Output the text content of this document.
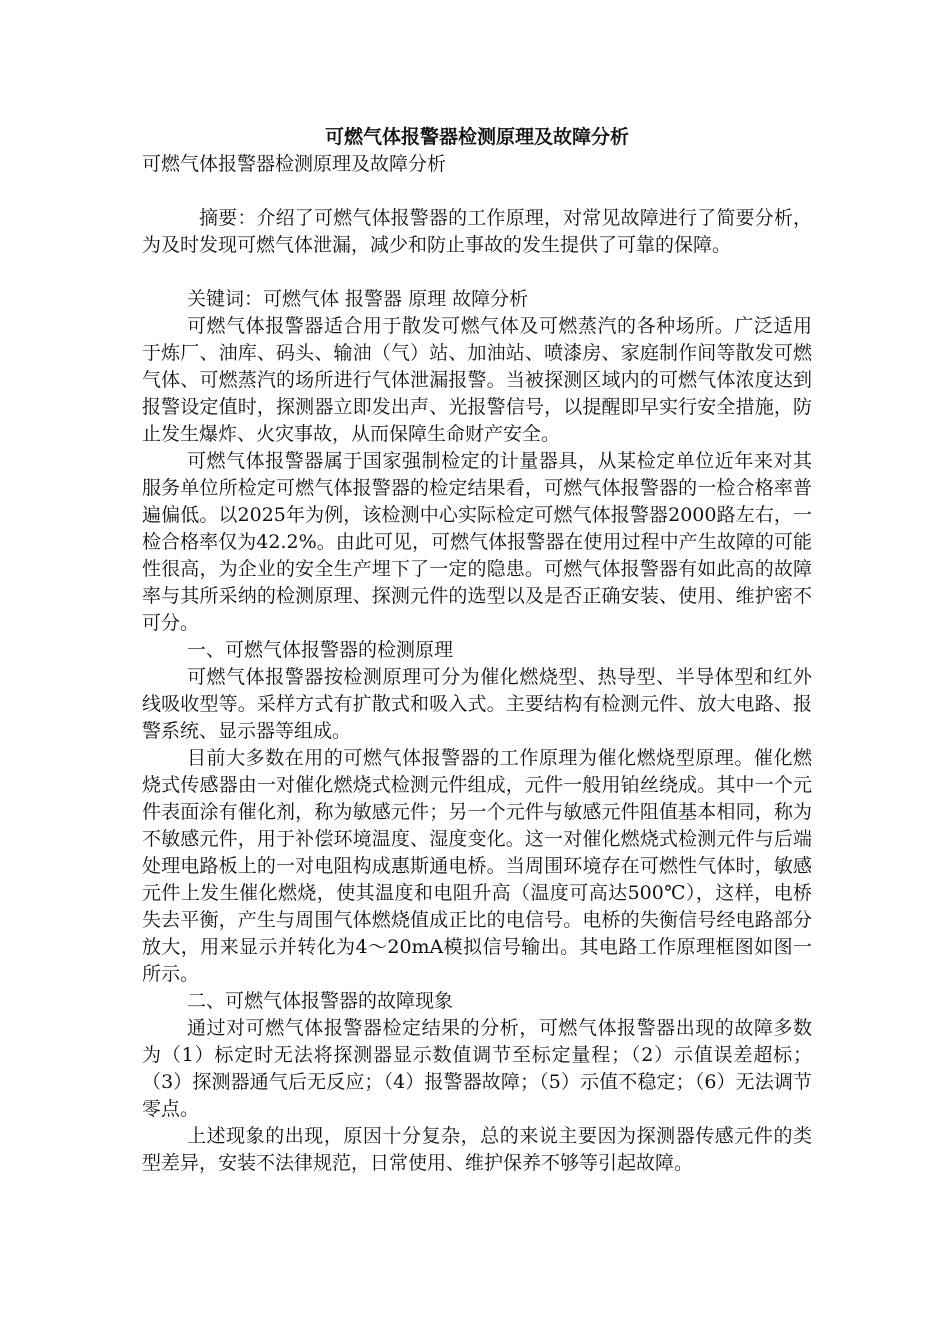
可燃气体报警器检测原理及故障分析

可燃气体报警器检测原理及故障分析

摘要：介绍了可燃气体报警器的工作原理，对常见故障进行了简要分析，为及时发现可燃气体泄漏，减少和防止事故的发生提供了可靠的保障。

关键词：可燃气体 报警器 原理 故障分析

可燃气体报警器适合用于散发可燃气体及可燃蒸汽的各种场所。广泛适用于炼厂、油库、码头、输油（气）站、加油站、喷漆房、家庭制作间等散发可燃气体、可燃蒸汽的场所进行气体泄漏报警。当被探测区域内的可燃气体浓度达到报警设定值时，探测器立即发出声、光报警信号，以提醒即早实行安全措施，防止发生爆炸、火灾事故，从而保障生命财产安全。

可燃气体报警器属于国家强制检定的计量器具，从某检定单位近年来对其服务单位所检定可燃气体报警器的检定结果看，可燃气体报警器的一检合格率普遍偏低。以2025年为例，该检测中心实际检定可燃气体报警器2000路左右，一检合格率仅为42.2%。由此可见，可燃气体报警器在使用过程中产生故障的可能性很高，为企业的安全生产埋下了一定的隐患。可燃气体报警器有如此高的故障率与其所采纳的检测原理、探测元件的选型以及是否正确安装、使用、维护密不可分。

一、可燃气体报警器的检测原理

可燃气体报警器按检测原理可分为催化燃烧型、热导型、半导体型和红外线吸收型等。采样方式有扩散式和吸入式。主要结构有检测元件、放大电路、报警系统、显示器等组成。

目前大多数在用的可燃气体报警器的工作原理为催化燃烧型原理。催化燃烧式传感器由一对催化燃烧式检测元件组成，元件一般用铂丝绕成。其中一个元件表面涂有催化剂，称为敏感元件；另一个元件与敏感元件阻值基本相同，称为不敏感元件，用于补偿环境温度、湿度变化。这一对催化燃烧式检测元件与后端处理电路板上的一对电阻构成惠斯通电桥。当周围环境存在可燃性气体时，敏感元件上发生催化燃烧，使其温度和电阻升高（温度可高达500℃），这样，电桥失去平衡，产生与周围气体燃烧值成正比的电信号。电桥的失衡信号经电路部分放大，用来显示并转化为4～20mA模拟信号输出。其电路工作原理框图如图一所示。

二、可燃气体报警器的故障现象

通过对可燃气体报警器检定结果的分析，可燃气体报警器出现的故障多数为（1）标定时无法将探测器显示数值调节至标定量程；（2）示值误差超标；（3）探测器通气后无反应；（4）报警器故障；（5）示值不稳定；（6）无法调节零点。

上述现象的出现，原因十分复杂，总的来说主要因为探测器传感元件的类型差异，安装不法律规范，日常使用、维护保养不够等引起故障。
